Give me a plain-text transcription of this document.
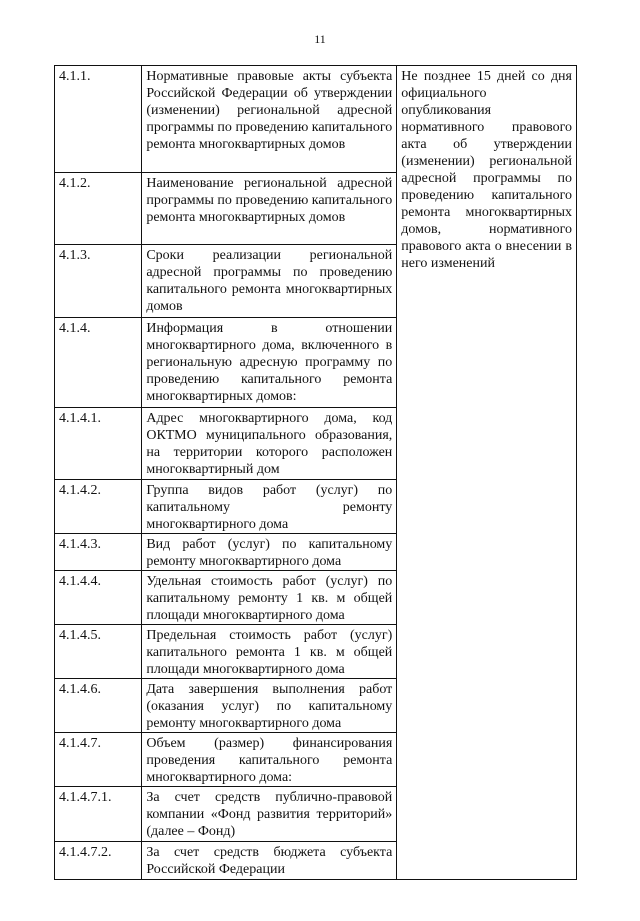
11
4.1.1.	Нормативные правовые акты субъекта Российской Федерации об утверждении (изменении) региональной адресной программы по проведению капитального ремонта многоквартирных домов	Не позднее 15 дней со дня официального опубликования нормативного правового акта об утверждении (изменении) региональной адресной программы по проведению капитального ремонта многоквартирных домов, нормативного правового акта о внесении в него изменений
4.1.2.	Наименование региональной адресной программы по проведению капитального ремонта многоквартирных домов	
4.1.3.	Сроки реализации региональной адресной программы по проведению капитального ремонта многоквартирных домов	
4.1.4.	Информация в отношении многоквартирного дома, включенного в региональную адресную программу по проведению капитального ремонта многоквартирных домов:	
4.1.4.1.	Адрес многоквартирного дома, код ОКТМО муниципального образования, на территории которого расположен многоквартирный дом	
4.1.4.2.	Группа видов работ (услуг) по капитальному ремонту многоквартирного дома	
4.1.4.3.	Вид работ (услуг) по капитальному ремонту многоквартирного дома	
4.1.4.4.	Удельная стоимость работ (услуг) по капитальному ремонту 1 кв. м общей площади многоквартирного дома	
4.1.4.5.	Предельная стоимость работ (услуг) капитального ремонта 1 кв. м общей площади многоквартирного дома	
4.1.4.6.	Дата завершения выполнения работ (оказания услуг) по капитальному ремонту многоквартирного дома	
4.1.4.7.	Объем (размер) финансирования проведения капитального ремонта многоквартирного дома:	
4.1.4.7.1.	За счет средств публично-правовой компании «Фонд развития территорий» (далее – Фонд)	
4.1.4.7.2.	За счет средств бюджета субъекта Российской Федерации	
